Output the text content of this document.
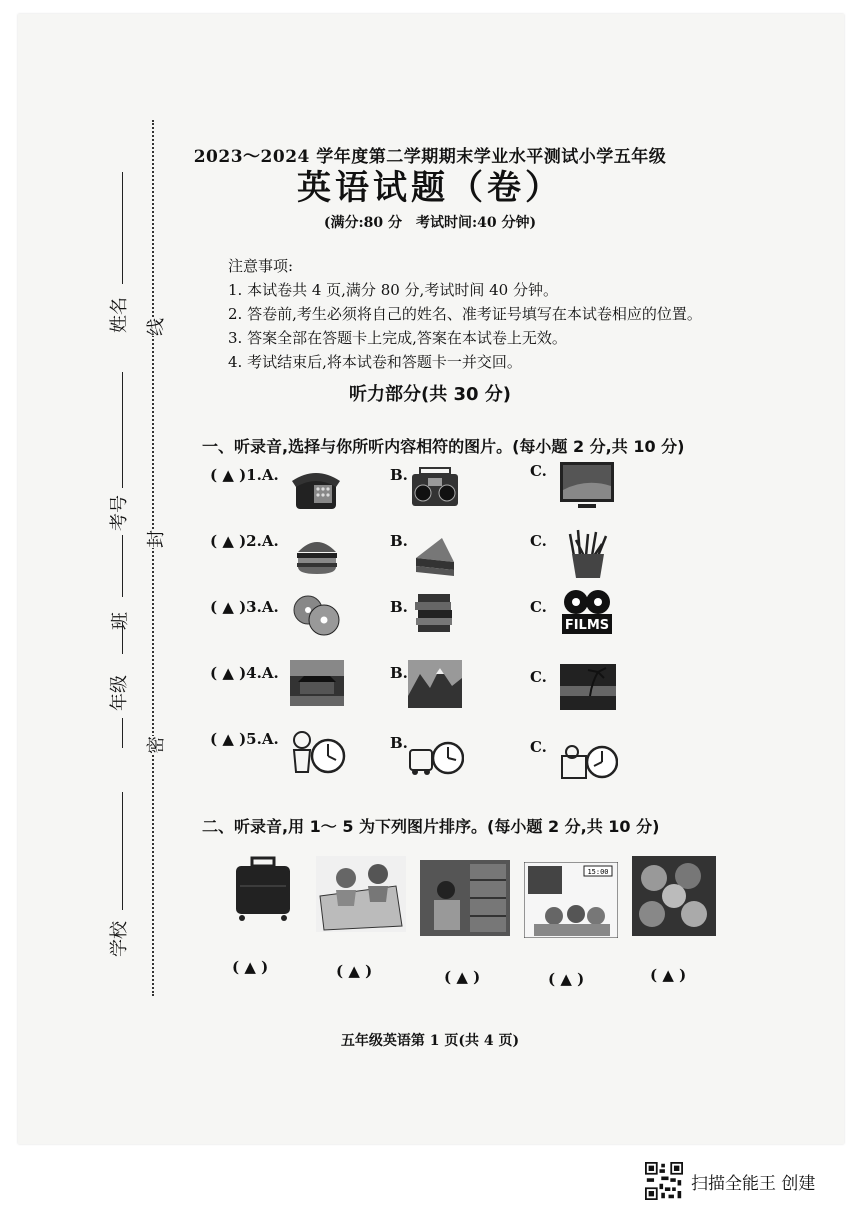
姓名
考号
班
年级
学校
线
封
密
2023～2024 学年度第二学期期末学业水平测试小学五年级
英语试题（卷）
(满分:80 分　考试时间:40 分钟)
注意事项:
1. 本试卷共 4 页,满分 80 分,考试时间 40 分钟。
2. 答卷前,考生必须将自己的姓名、准考证号填写在本试卷相应的位置。
3. 答案全部在答题卡上完成,答案在本试卷上无效。
4. 考试结束后,将本试卷和答题卡一并交回。
听力部分(共 30 分)
一、听录音,选择与你所听内容相符的图片。(每小题 2 分,共 10 分)
( ▲ )1.A.	B.	C.
( ▲ )2.A.	B.	C.
( ▲ )3.A.	B.	C.
FILMS
( ▲ )4.A.	B.	C.
( ▲ )5.A.	B.	C.
二、听录音,用 1～ 5 为下列图片排序。(每小题 2 分,共 10 分)
15:00
( ▲ )	( ▲ )	( ▲ )	( ▲ )	( ▲ )
五年级英语第 1 页(共 4 页)
扫描全能王 创建
